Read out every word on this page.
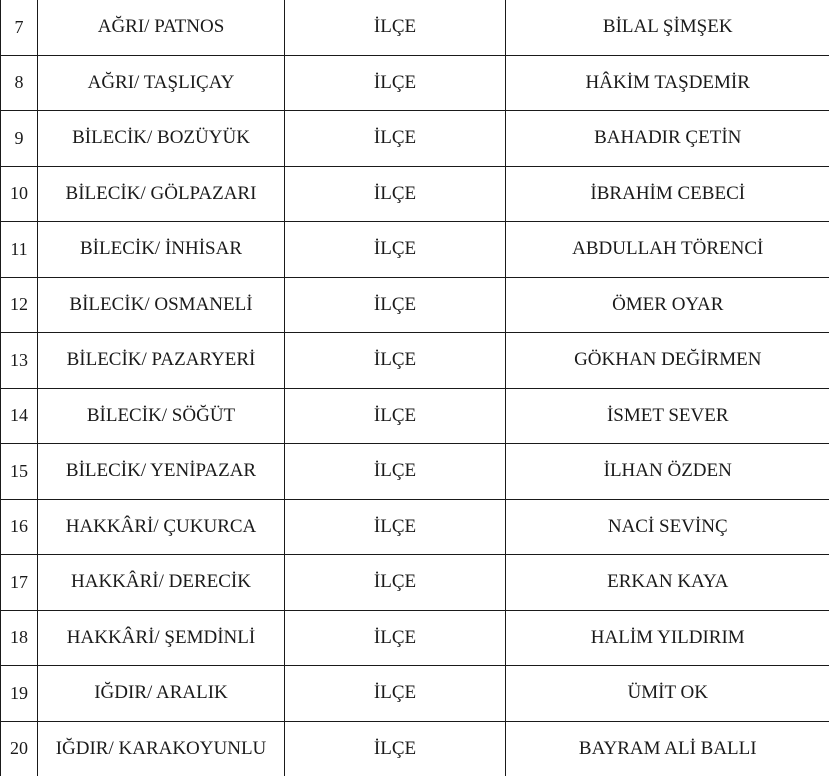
7	AĞRI/ PATNOS	İLÇE	BİLAL ŞİMŞEK
8	AĞRI/ TAŞLIÇAY	İLÇE	HÂKİM TAŞDEMİR
9	BİLECİK/ BOZÜYÜK	İLÇE	BAHADIR ÇETİN
10	BİLECİK/ GÖLPAZARI	İLÇE	İBRAHİM CEBECİ
11	BİLECİK/ İNHİSAR	İLÇE	ABDULLAH TÖRENCİ
12	BİLECİK/ OSMANELİ	İLÇE	ÖMER OYAR
13	BİLECİK/ PAZARYERİ	İLÇE	GÖKHAN DEĞİRMEN
14	BİLECİK/ SÖĞÜT	İLÇE	İSMET SEVER
15	BİLECİK/ YENİPAZAR	İLÇE	İLHAN ÖZDEN
16	HAKKÂRİ/ ÇUKURCA	İLÇE	NACİ SEVİNÇ
17	HAKKÂRİ/ DERECİK	İLÇE	ERKAN KAYA
18	HAKKÂRİ/ ŞEMDİNLİ	İLÇE	HALİM YILDIRIM
19	IĞDIR/ ARALIK	İLÇE	ÜMİT OK
20	IĞDIR/ KARAKOYUNLU	İLÇE	BAYRAM ALİ BALLI
